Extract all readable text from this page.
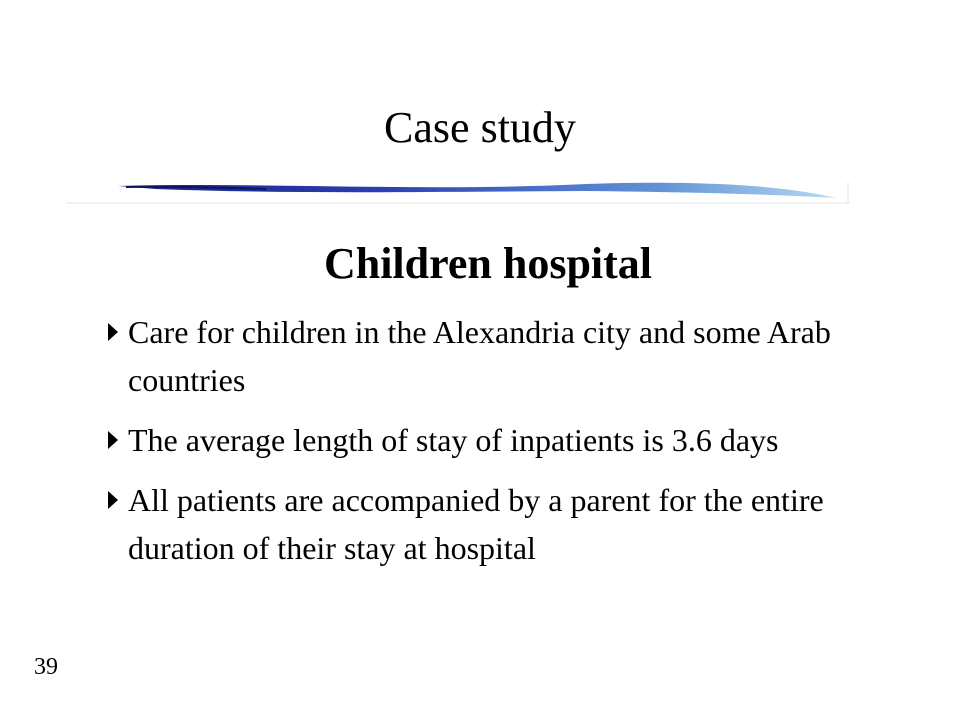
Case study
Children hospital
Care for children in the Alexandria city and some Arab countries
The average length of stay of inpatients is 3.6 days
All patients are accompanied by a parent for the entire duration of their stay at hospital
39
